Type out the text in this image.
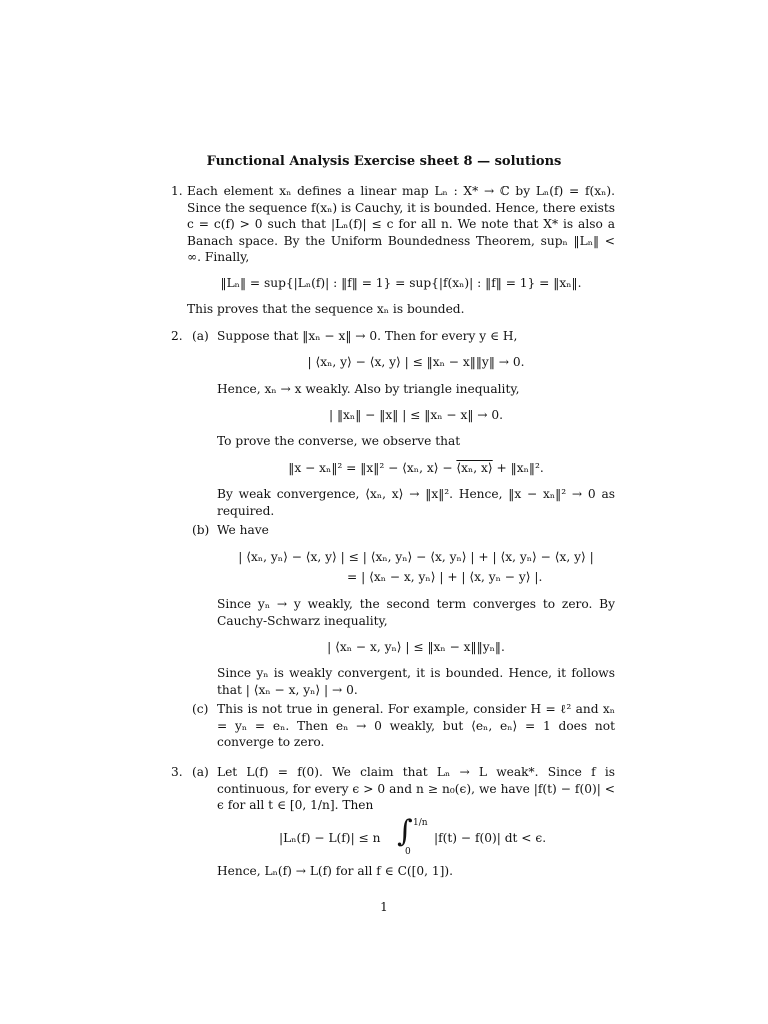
Functional Analysis Exercise sheet 8 — solutions
1. Each element xₙ defines a linear map Lₙ : X* → ℂ by Lₙ(f) = f(xₙ). Since the sequence f(xₙ) is Cauchy, it is bounded. Hence, there exists c = c(f) > 0 such that |Lₙ(f)| ≤ c for all n. We note that X* is also a Banach space. By the Uniform Boundedness Theorem, supₙ ‖Lₙ‖ < ∞. Finally,

‖Lₙ‖ = sup{|Lₙ(f)| : ‖f‖ = 1} = sup{|f(xₙ)| : ‖f‖ = 1} = ‖xₙ‖.

This proves that the sequence xₙ is bounded.

2. (a) Suppose that ‖xₙ − x‖ → 0. Then for every y ∈ H,

| ⟨xₙ, y⟩ − ⟨x, y⟩ | ≤ ‖xₙ − x‖‖y‖ → 0.

Hence, xₙ → x weakly. Also by triangle inequality,

| ‖xₙ‖ − ‖x‖ | ≤ ‖xₙ − x‖ → 0.

To prove the converse, we observe that

‖x − xₙ‖² = ‖x‖² − ⟨xₙ, x⟩ − ⟨xₙ, x⟩ + ‖xₙ‖².

By weak convergence, ⟨xₙ, x⟩ → ‖x‖². Hence, ‖x − xₙ‖² → 0 as required.

(b) We have

| ⟨xₙ, yₙ⟩ − ⟨x, y⟩ | ≤ | ⟨xₙ, yₙ⟩ − ⟨x, yₙ⟩ | + | ⟨x, yₙ⟩ − ⟨x, y⟩ |
= | ⟨xₙ − x, yₙ⟩ | + | ⟨x, yₙ − y⟩ |.

Since yₙ → y weakly, the second term converges to zero. By Cauchy-Schwarz inequality,

| ⟨xₙ − x, yₙ⟩ | ≤ ‖xₙ − x‖‖yₙ‖.

Since yₙ is weakly convergent, it is bounded. Hence, it follows that | ⟨xₙ − x, yₙ⟩ | → 0.

(c) This is not true in general. For example, consider H = ℓ² and xₙ = yₙ = eₙ. Then eₙ → 0 weakly, but ⟨eₙ, eₙ⟩ = 1 does not converge to zero.

3. (a) Let L(f) = f(0). We claim that Lₙ → L weak*. Since f is continuous, for every ϵ > 0 and n ≥ n₀(ϵ), we have |f(t) − f(0)| < ϵ for all t ∈ [0, 1/n]. Then

|Lₙ(f) − L(f)| ≤ n ∫ 1/n
0
|f(t) − f(0)| dt < ϵ.

Hence, Lₙ(f) → L(f) for all f ∈ C([0, 1]).

1
